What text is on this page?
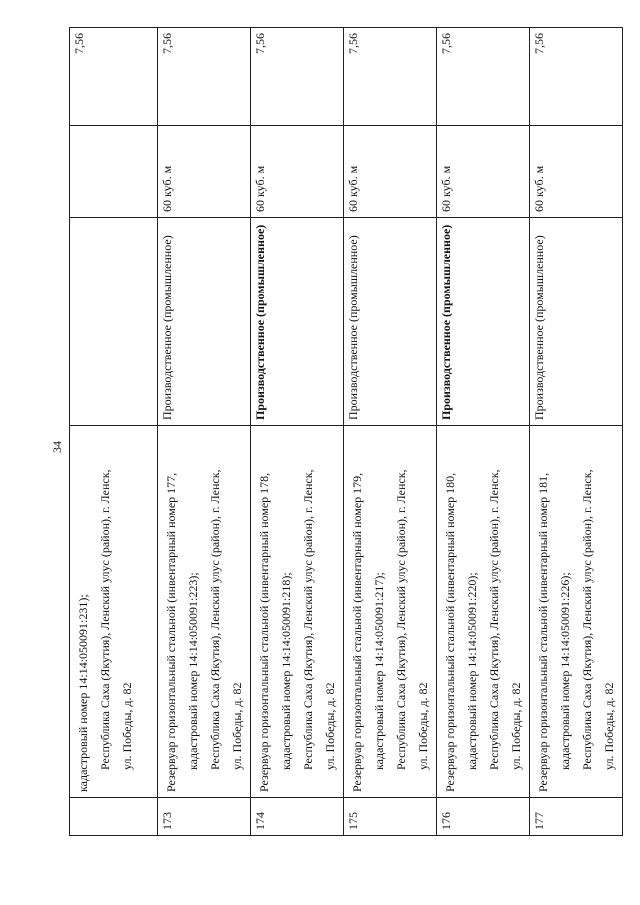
34

	кадастровый номер 14:14:050091:231); Республика Саха (Якутия), Ленский улус (район), г. Ленск, ул. Победы, д. 82			7,56
173	Резервуар горизонтальный стальной (инвентарный номер 177, кадастровый номер 14:14:050091:223); Республика Саха (Якутия), Ленский улус (район), г. Ленск, ул. Победы, д. 82	Производственное (промышленное)	60 куб. м	7,56
174	Резервуар горизонтальный стальной (инвентарный номер 178, кадастровый номер 14:14:050091:218); Республика Саха (Якутия), Ленский улус (район), г. Ленск, ул. Победы, д. 82	Производственное (промышленное)	60 куб. м	7,56
175	Резервуар горизонтальный стальной (инвентарный номер 179, кадастровый номер 14:14:050091:217); Республика Саха (Якутия), Ленский улус (район), г. Ленск, ул. Победы, д. 82	Производственное (промышленное)	60 куб. м	7,56
176	Резервуар горизонтальный стальной (инвентарный номер 180, кадастровый номер 14:14:050091:220); Республика Саха (Якутия), Ленский улус (район), г. Ленск, ул. Победы, д. 82	Производственное (промышленное)	60 куб. м	7,56
177	Резервуар горизонтальный стальной (инвентарный номер 181, кадастровый номер 14:14:050091:226); Республика Саха (Якутия), Ленский улус (район), г. Ленск, ул. Победы, д. 82	Производственное (промышленное)	60 куб. м	7,56
